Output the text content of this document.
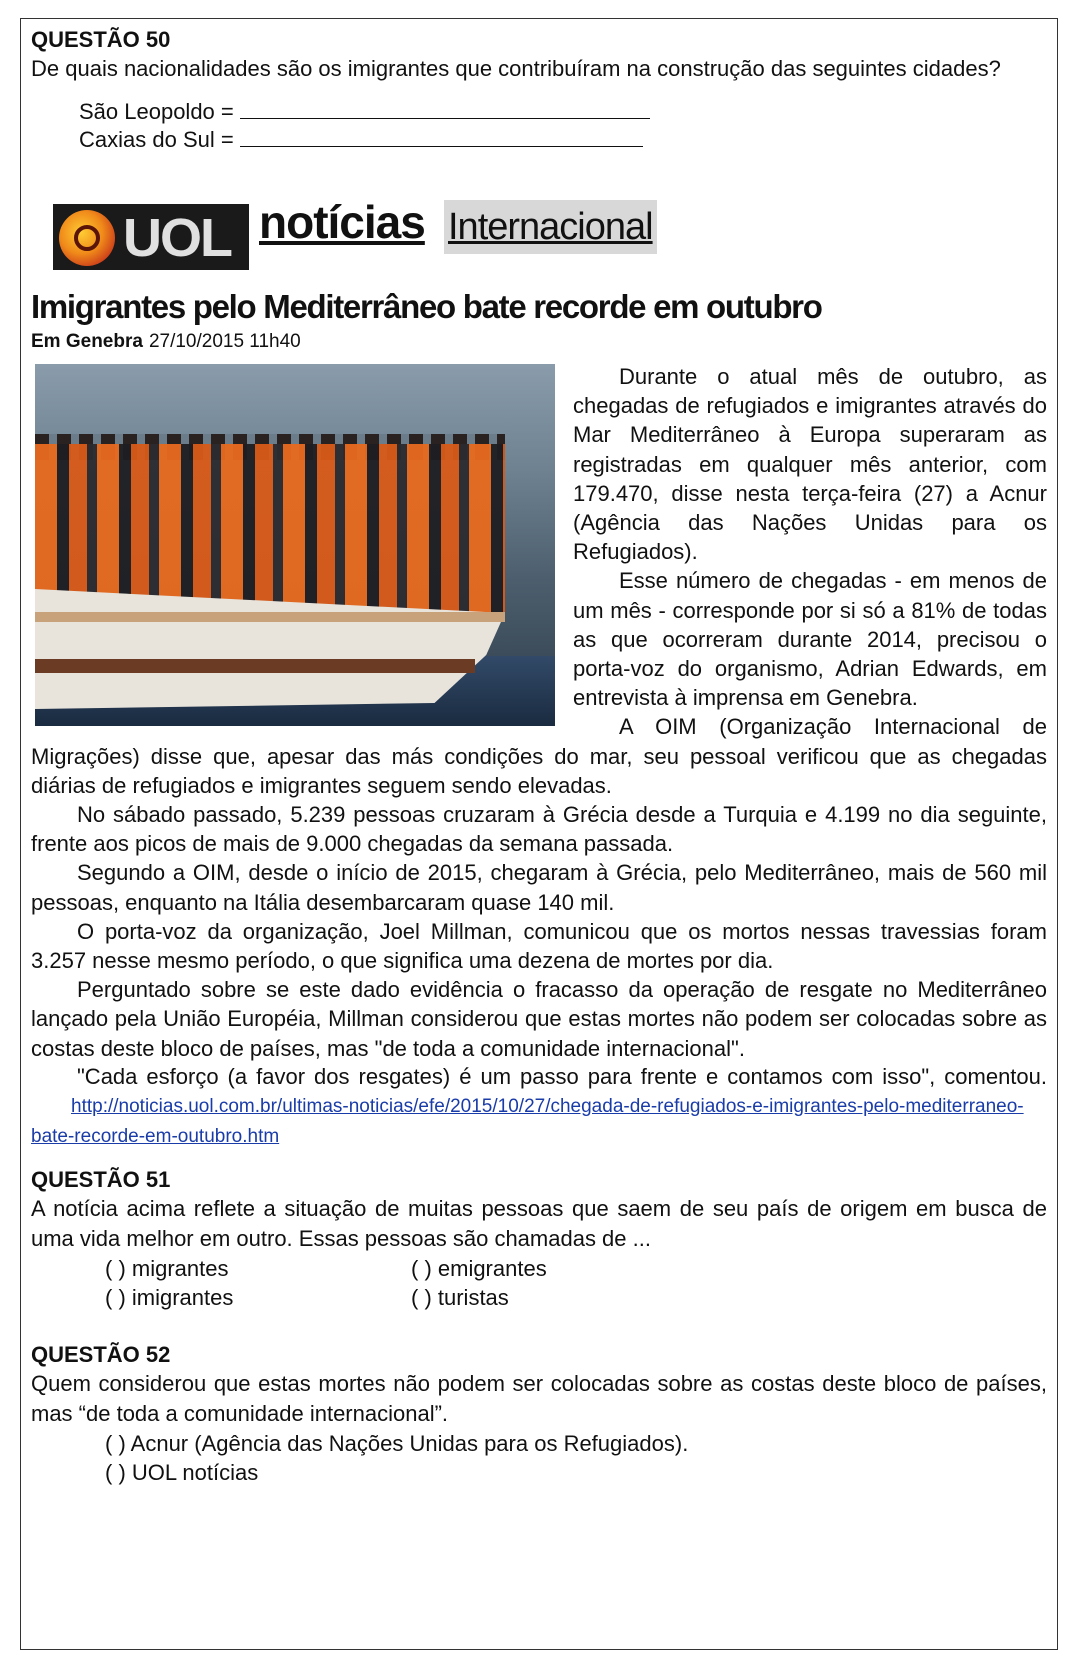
QUESTÃO 50

De quais nacionalidades são os imigrantes que contribuíram na construção das seguintes cidades?

São Leopoldo =
Caxias do Sul =
UOL notícias Internacional
Imigrantes pelo Mediterrâneo bate recorde em outubro
Em Genebra 27/10/2015 11h40

Durante o atual mês de outubro, as chegadas de refugiados e imigrantes através do Mar Mediterrâneo à Europa superaram as registradas em qualquer mês anterior, com 179.470, disse nesta terça-feira (27) a Acnur (Agência das Nações Unidas para os Refugiados).

Esse número de chegadas - em menos de um mês - corresponde por si só a 81% de todas as que ocorreram durante 2014, precisou o porta-voz do organismo, Adrian Edwards, em entrevista à imprensa em Genebra.

A OIM (Organização Internacional de Migrações) disse que, apesar das más condições do mar, seu pessoal verificou que as chegadas diárias de refugiados e imigrantes seguem sendo elevadas.

No sábado passado, 5.239 pessoas cruzaram à Grécia desde a Turquia e 4.199 no dia seguinte, frente aos picos de mais de 9.000 chegadas da semana passada.

Segundo a OIM, desde o início de 2015, chegaram à Grécia, pelo Mediterrâneo, mais de 560 mil pessoas, enquanto na Itália desembarcaram quase 140 mil.

O porta-voz da organização, Joel Millman, comunicou que os mortos nessas travessias foram 3.257 nesse mesmo período, o que significa uma dezena de mortes por dia.

Perguntado sobre se este dado evidência o fracasso da operação de resgate no Mediterrâneo lançado pela União Européia, Millman considerou que estas mortes não podem ser colocadas sobre as costas deste bloco de países, mas "de toda a comunidade internacional".

"Cada esforço (a favor dos resgates) é um passo para frente e contamos com isso", comentou. http://noticias.uol.com.br/ultimas-noticias/efe/2015/10/27/chegada-de-refugiados-e-imigrantes-pelo-mediterraneo-bate-recorde-em-outubro.htm

QUESTÃO 51

A notícia acima reflete a situação de muitas pessoas que saem de seu país de origem em busca de uma vida melhor em outro. Essas pessoas são chamadas de ...

( ) migrantes	( ) emigrantes
( ) imigrantes	( ) turistas

QUESTÃO 52

Quem considerou que estas mortes não podem ser colocadas sobre as costas deste bloco de países, mas “de toda a comunidade internacional”.

( ) Acnur (Agência das Nações Unidas para os Refugiados).
( ) UOL notícias
